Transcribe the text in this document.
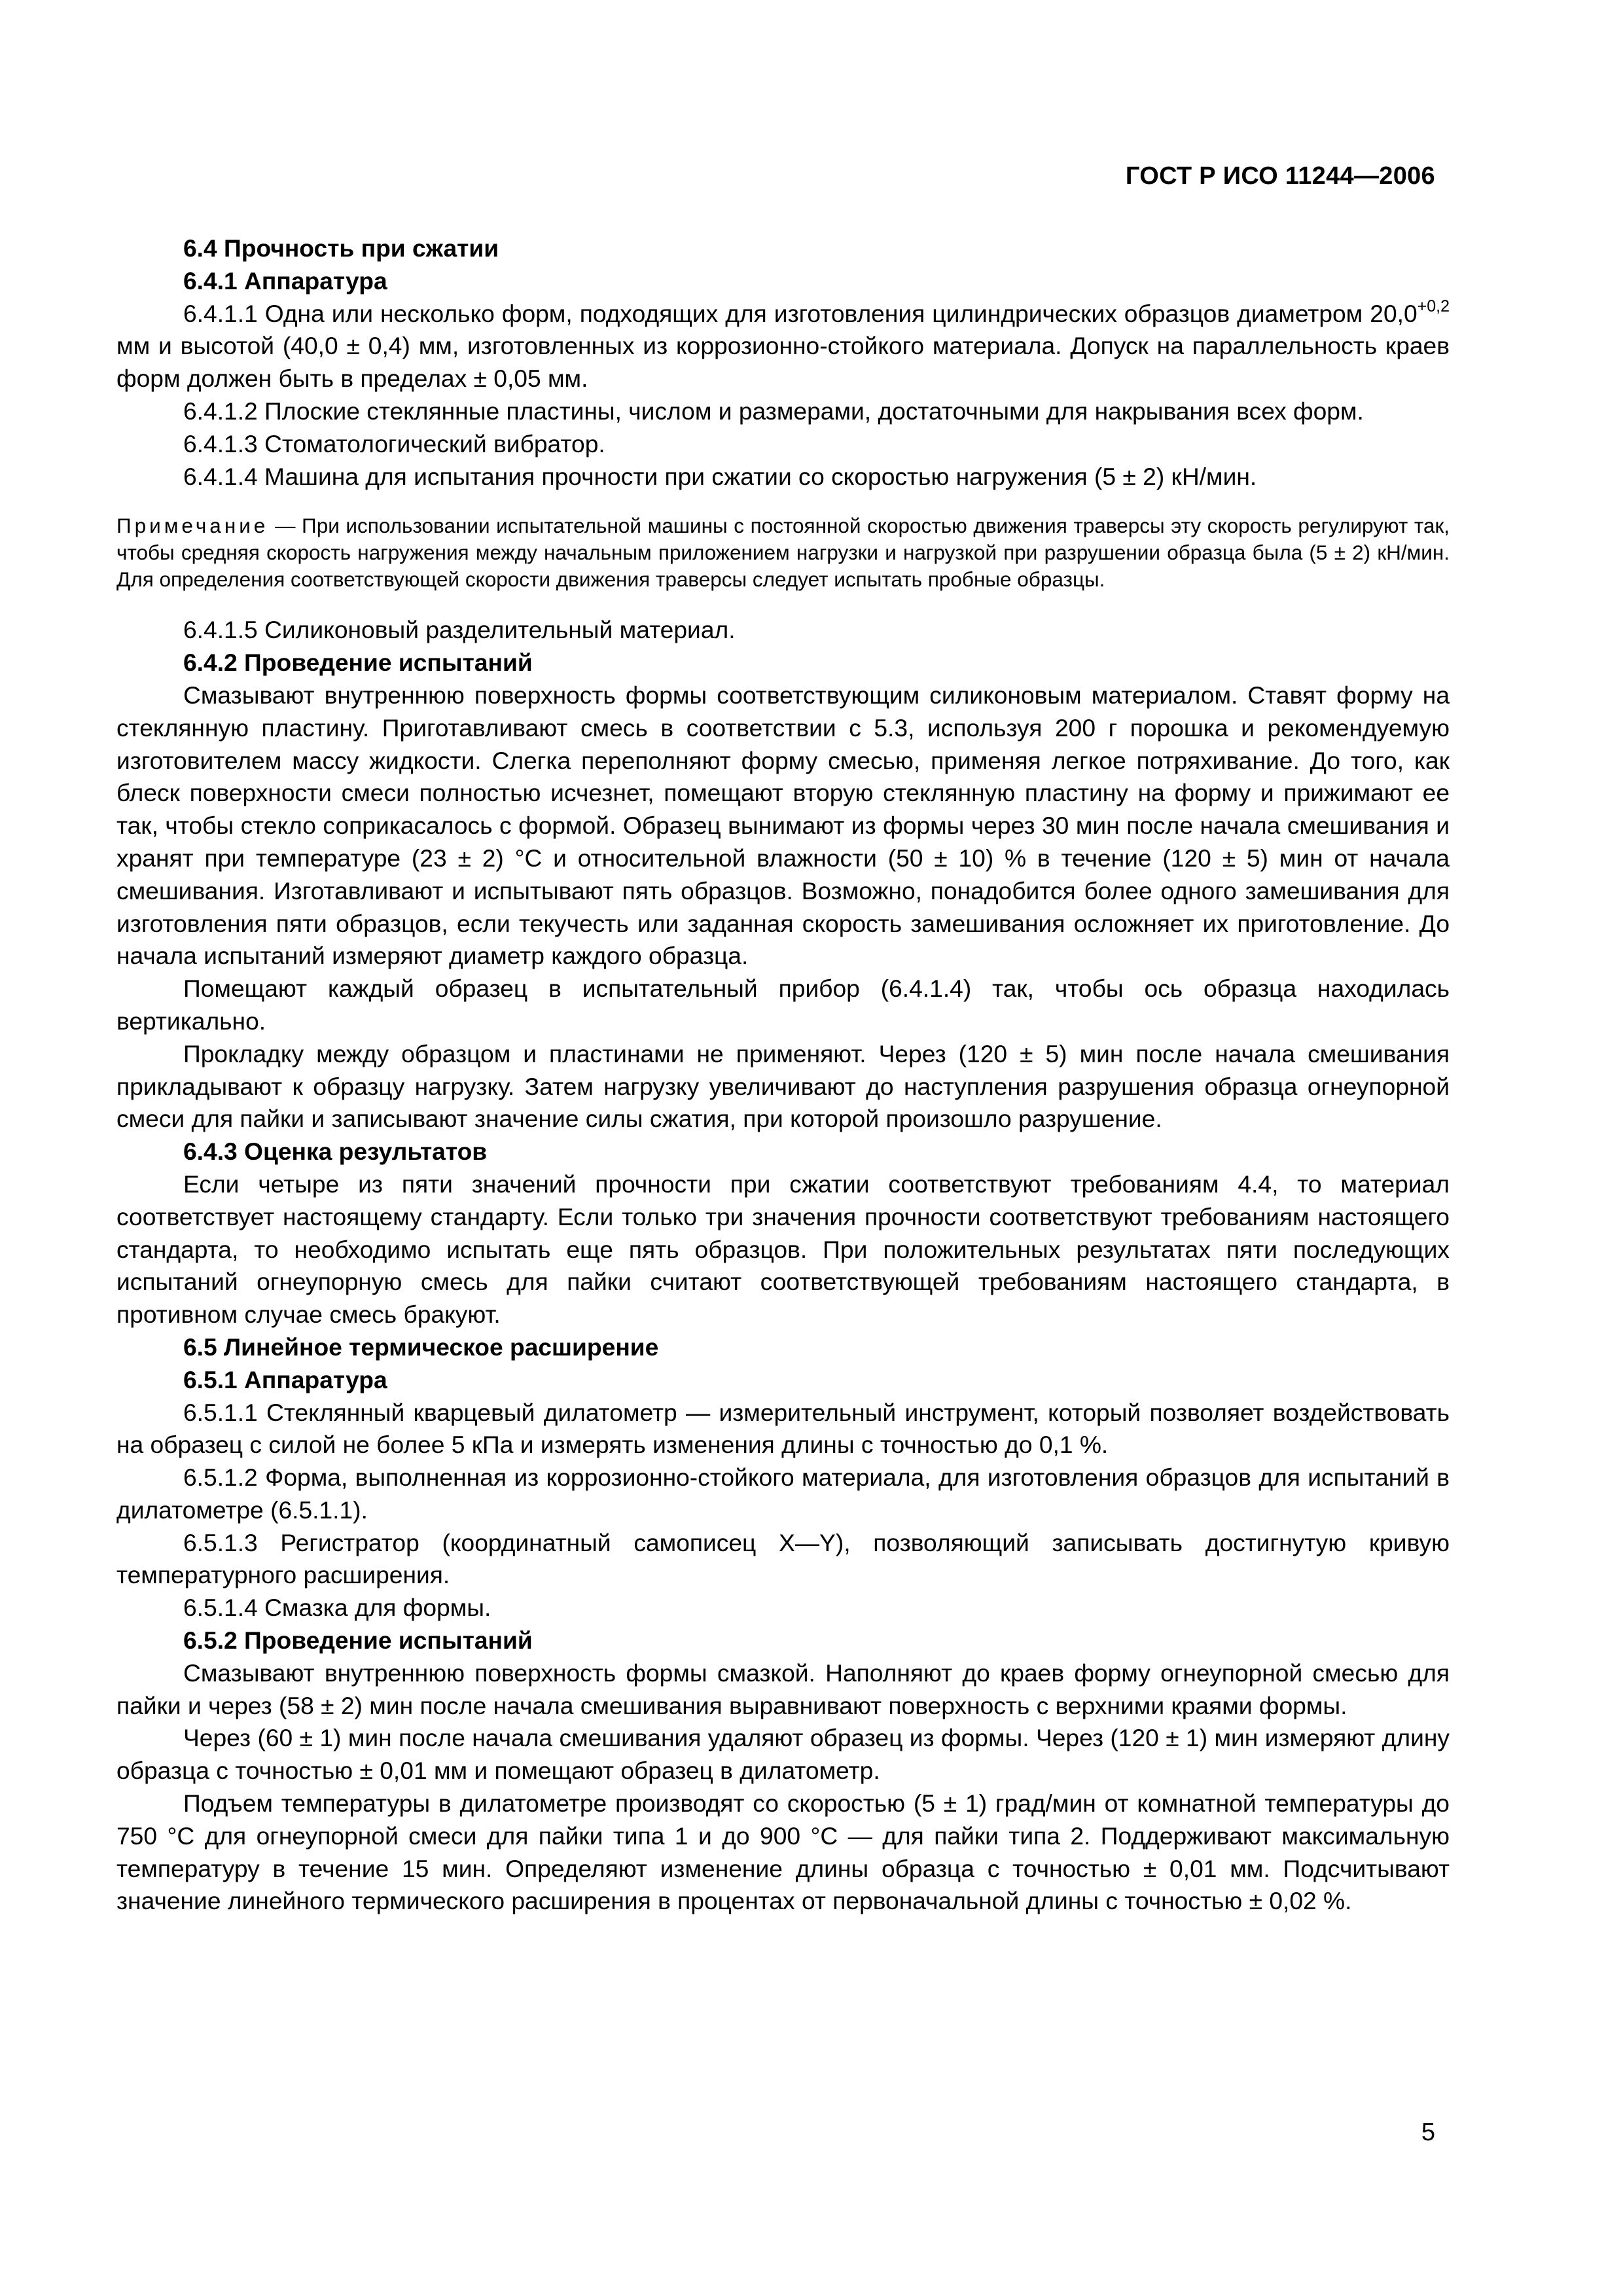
ГОСТ Р ИСО 11244—2006

6.4 Прочность при сжатии

6.4.1 Аппаратура

6.4.1.1 Одна или несколько форм, подходящих для изготовления цилиндрических образцов диаметром $20,0^{+0,2}$ мм и высотой (40,0 ± 0,4) мм, изготовленных из коррозионно-стойкого материала. Допуск на параллельность краев форм должен быть в пределах ± 0,05 мм.

6.4.1.2 Плоские стеклянные пластины, числом и размерами, достаточными для накрывания всех форм.

6.4.1.3 Стоматологический вибратор.

6.4.1.4 Машина для испытания прочности при сжатии со скоростью нагружения (5 ± 2) кН/мин.

Примечание — При использовании испытательной машины с постоянной скоростью движения траверсы эту скорость регулируют так, чтобы средняя скорость нагружения между начальным приложением нагрузки и нагрузкой при разрушении образца была (5 ± 2) кН/мин. Для определения соответствующей скорости движения траверсы следует испытать пробные образцы.

6.4.1.5 Силиконовый разделительный материал.

6.4.2 Проведение испытаний

Смазывают внутреннюю поверхность формы соответствующим силиконовым материалом. Ставят форму на стеклянную пластину. Приготавливают смесь в соответствии с 5.3, используя 200 г порошка и рекомендуемую изготовителем массу жидкости. Слегка переполняют форму смесью, применяя легкое потряхивание. До того, как блеск поверхности смеси полностью исчезнет, помещают вторую стеклянную пластину на форму и прижимают ее так, чтобы стекло соприкасалось с формой. Образец вынимают из формы через 30 мин после начала смешивания и хранят при температуре (23 ± 2) °С и относительной влажности (50 ± 10) % в течение (120 ± 5) мин от начала смешивания. Изготавливают и испытывают пять образцов. Возможно, понадобится более одного замешивания для изготовления пяти образцов, если текучесть или заданная скорость замешивания осложняет их приготовление. До начала испытаний измеряют диаметр каждого образца.

Помещают каждый образец в испытательный прибор (6.4.1.4) так, чтобы ось образца находилась вертикально.

Прокладку между образцом и пластинами не применяют. Через (120 ± 5) мин после начала смешивания прикладывают к образцу нагрузку. Затем нагрузку увеличивают до наступления разрушения образца огнеупорной смеси для пайки и записывают значение силы сжатия, при которой произошло разрушение.

6.4.3 Оценка результатов

Если четыре из пяти значений прочности при сжатии соответствуют требованиям 4.4, то материал соответствует настоящему стандарту. Если только три значения прочности соответствуют требованиям настоящего стандарта, то необходимо испытать еще пять образцов. При положительных результатах пяти последующих испытаний огнеупорную смесь для пайки считают соответствующей требованиям настоящего стандарта, в противном случае смесь бракуют.

6.5 Линейное термическое расширение

6.5.1 Аппаратура

6.5.1.1 Стеклянный кварцевый дилатометр — измерительный инструмент, который позволяет воздействовать на образец с силой не более 5 кПа и измерять изменения длины с точностью до 0,1 %.

6.5.1.2 Форма, выполненная из коррозионно-стойкого материала, для изготовления образцов для испытаний в дилатометре (6.5.1.1).

6.5.1.3 Регистратор (координатный самописец X—Y), позволяющий записывать достигнутую кривую температурного расширения.

6.5.1.4 Смазка для формы.

6.5.2 Проведение испытаний

Смазывают внутреннюю поверхность формы смазкой. Наполняют до краев форму огнеупорной смесью для пайки и через (58 ± 2) мин после начала смешивания выравнивают поверхность с верхними краями формы.

Через (60 ± 1) мин после начала смешивания удаляют образец из формы. Через (120 ± 1) мин измеряют длину образца с точностью ± 0,01 мм и помещают образец в дилатометр.

Подъем температуры в дилатометре производят со скоростью (5 ± 1) град/мин от комнатной температуры до 750 °С для огнеупорной смеси для пайки типа 1 и до 900 °С — для пайки типа 2. Поддерживают максимальную температуру в течение 15 мин. Определяют изменение длины образца с точностью ± 0,01 мм. Подсчитывают значение линейного термического расширения в процентах от первоначальной длины с точностью ± 0,02 %.

5
